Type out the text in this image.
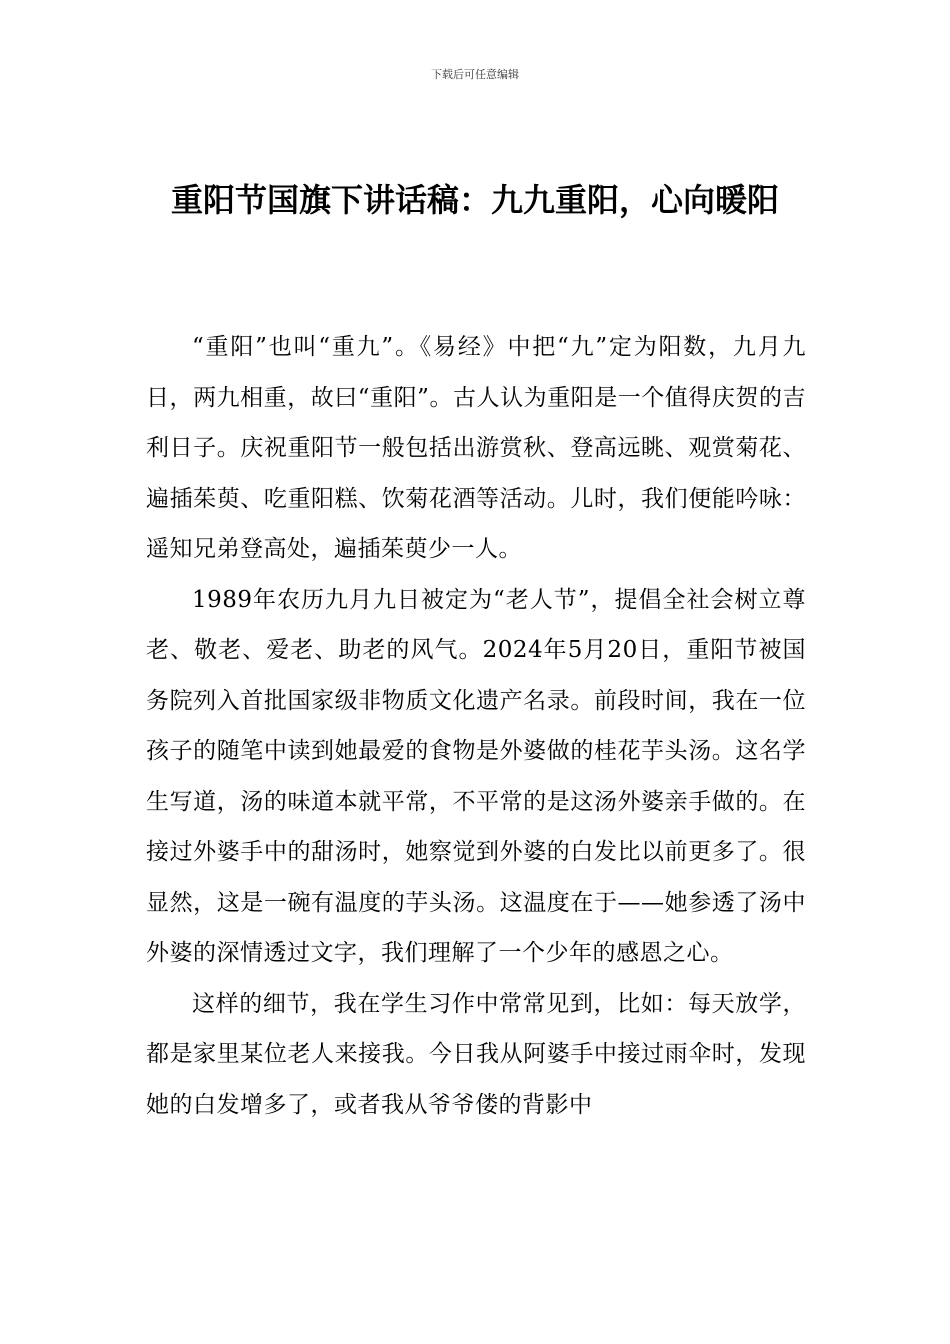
下载后可任意编辑
重阳节国旗下讲话稿：九九重阳，心向暖阳

“重阳”也叫“重九”。《易经》中把“九”定为阳数，九月九日，两九相重，故曰“重阳”。古人认为重阳是一个值得庆贺的吉利日子。庆祝重阳节一般包括出游赏秋、登高远眺、观赏菊花、遍插茱萸、吃重阳糕、饮菊花酒等活动。儿时，我们便能吟咏：遥知兄弟登高处，遍插茱萸少一人。

1989年农历九月九日被定为“老人节”，提倡全社会树立尊老、敬老、爱老、助老的风气。2024年5月20日，重阳节被国务院列入首批国家级非物质文化遗产名录。前段时间，我在一位孩子的随笔中读到她最爱的食物是外婆做的桂花芋头汤。这名学生写道，汤的味道本就平常，不平常的是这汤外婆亲手做的。在接过外婆手中的甜汤时，她察觉到外婆的白发比以前更多了。很显然，这是一碗有温度的芋头汤。这温度在于——她参透了汤中外婆的深情透过文字，我们理解了一个少年的感恩之心。

这样的细节，我在学生习作中常常见到，比如：每天放学，都是家里某位老人来接我。今日我从阿婆手中接过雨伞时，发现她的白发增多了，或者我从爷爷偻的背影中
